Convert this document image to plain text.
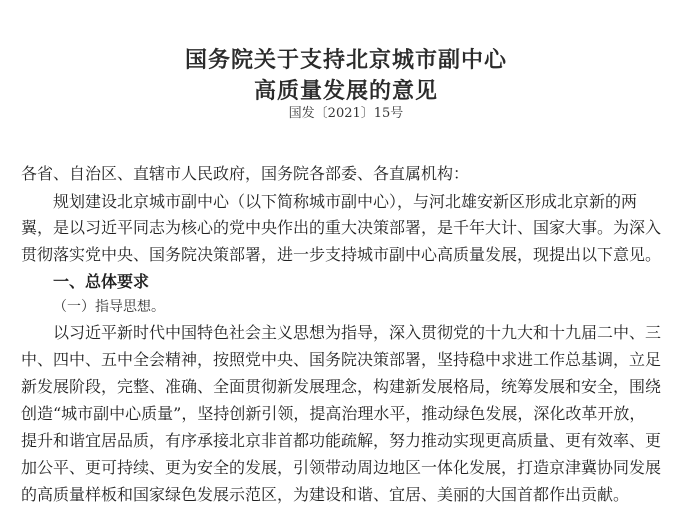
国务院关于支持北京城市副中心
高质量发展的意见
国发〔2021〕15号
各省、自治区、直辖市人民政府，国务院各部委、各直属机构：
规划建设北京城市副中心（以下简称城市副中心），与河北雄安新区形成北京新的两
翼，是以习近平同志为核心的党中央作出的重大决策部署，是千年大计、国家大事。为深入
贯彻落实党中央、国务院决策部署，进一步支持城市副中心高质量发展，现提出以下意见。
一、总体要求
（一）指导思想。
以习近平新时代中国特色社会主义思想为指导，深入贯彻党的十九大和十九届二中、三
中、四中、五中全会精神，按照党中央、国务院决策部署，坚持稳中求进工作总基调，立足
新发展阶段，完整、准确、全面贯彻新发展理念，构建新发展格局，统筹发展和安全，围绕
创造“城市副中心质量”，坚持创新引领，提高治理水平，推动绿色发展，深化改革开放，
提升和谐宜居品质，有序承接北京非首都功能疏解，努力推动实现更高质量、更有效率、更
加公平、更可持续、更为安全的发展，引领带动周边地区一体化发展，打造京津冀协同发展
的高质量样板和国家绿色发展示范区，为建设和谐、宜居、美丽的大国首都作出贡献。
